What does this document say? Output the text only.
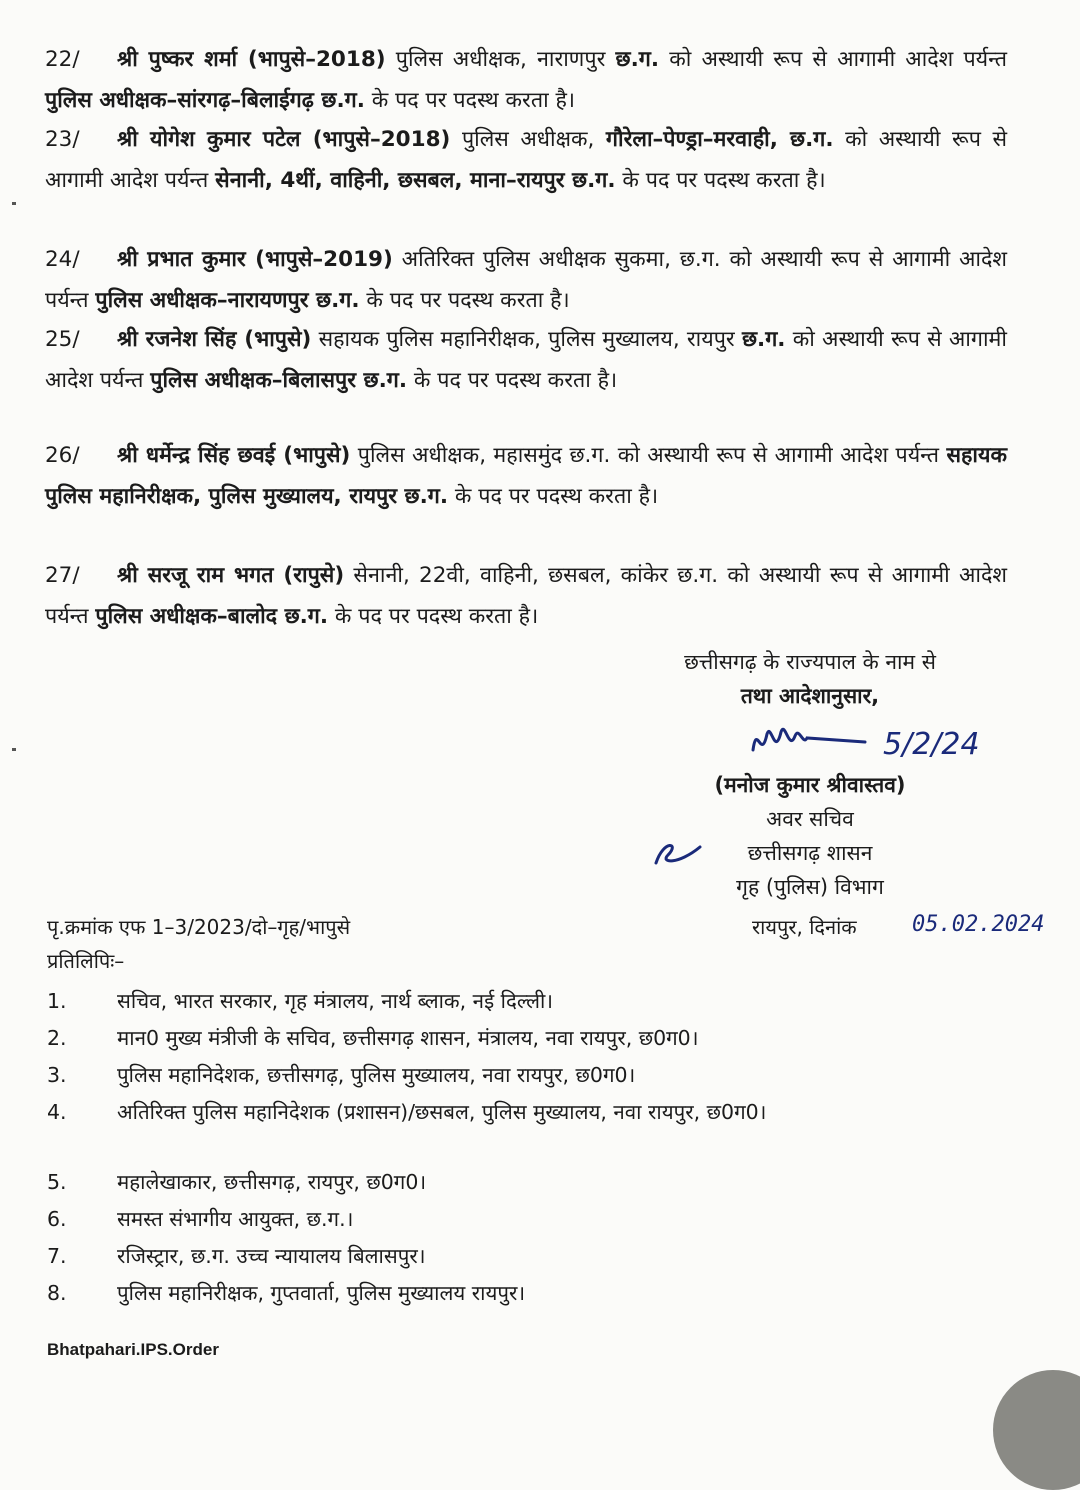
22/ श्री पुष्कर शर्मा (भापुसे–2018) पुलिस अधीक्षक, नाराणपुर छ.ग. को अस्थायी रूप से आगामी आदेश पर्यन्त पुलिस अधीक्षक–सांरगढ़–बिलाईगढ़ छ.ग. के पद पर पदस्थ करता है।
23/ श्री योगेश कुमार पटेल (भापुसे–2018) पुलिस अधीक्षक, गौरेला–पेण्ड्रा–मरवाही, छ.ग. को अस्थायी रूप से आगामी आदेश पर्यन्त सेनानी, 4थीं, वाहिनी, छसबल, माना–रायपुर छ.ग. के पद पर पदस्थ करता है।
24/ श्री प्रभात कुमार (भापुसे–2019) अतिरिक्त पुलिस अधीक्षक सुकमा, छ.ग. को अस्थायी रूप से आगामी आदेश पर्यन्त पुलिस अधीक्षक–नारायणपुर छ.ग. के पद पर पदस्थ करता है।
25/ श्री रजनेश सिंह (भापुसे) सहायक पुलिस महानिरीक्षक, पुलिस मुख्यालय, रायपुर छ.ग. को अस्थायी रूप से आगामी आदेश पर्यन्त पुलिस अधीक्षक–बिलासपुर छ.ग. के पद पर पदस्थ करता है।
26/ श्री धर्मेन्द्र सिंह छवई (भापुसे) पुलिस अधीक्षक, महासमुंद छ.ग. को अस्थायी रूप से आगामी आदेश पर्यन्त सहायक पुलिस महानिरीक्षक, पुलिस मुख्यालय, रायपुर छ.ग. के पद पर पदस्थ करता है।
27/ श्री सरजू राम भगत (रापुसे) सेनानी, 22वी, वाहिनी, छसबल, कांकेर छ.ग. को अस्थायी रूप से आगामी आदेश पर्यन्त पुलिस अधीक्षक–बालोद छ.ग. के पद पर पदस्थ करता है।
छत्तीसगढ़ के राज्यपाल के नाम से
तथा आदेशानुसार,
5/2/24
(मनोज कुमार श्रीवास्तव)
अवर सचिव
छत्तीसगढ़ शासन
गृह (पुलिस) विभाग
पृ.क्रमांक एफ 1–3/2023/दो–गृह/भापुसे	रायपुर, दिनांक	05.02.2024
प्रतिलिपिः–
1. सचिव, भारत सरकार, गृह मंत्रालय, नार्थ ब्लाक, नई दिल्ली।
2. मान0 मुख्य मंत्रीजी के सचिव, छत्तीसगढ़ शासन, मंत्रालय, नवा रायपुर, छ0ग0।
3. पुलिस महानिदेशक, छत्तीसगढ़, पुलिस मुख्यालय, नवा रायपुर, छ0ग0।
4. अतिरिक्त पुलिस महानिदेशक (प्रशासन)/छसबल, पुलिस मुख्यालय, नवा रायपुर, छ0ग0।
5. महालेखाकार, छत्तीसगढ़, रायपुर, छ0ग0।
6. समस्त संभागीय आयुक्त, छ.ग.।
7. रजिस्ट्रार, छ.ग. उच्च न्यायालय बिलासपुर।
8. पुलिस महानिरीक्षक, गुप्तवार्ता, पुलिस मुख्यालय रायपुर।
Bhatpahari.IPS.Order
